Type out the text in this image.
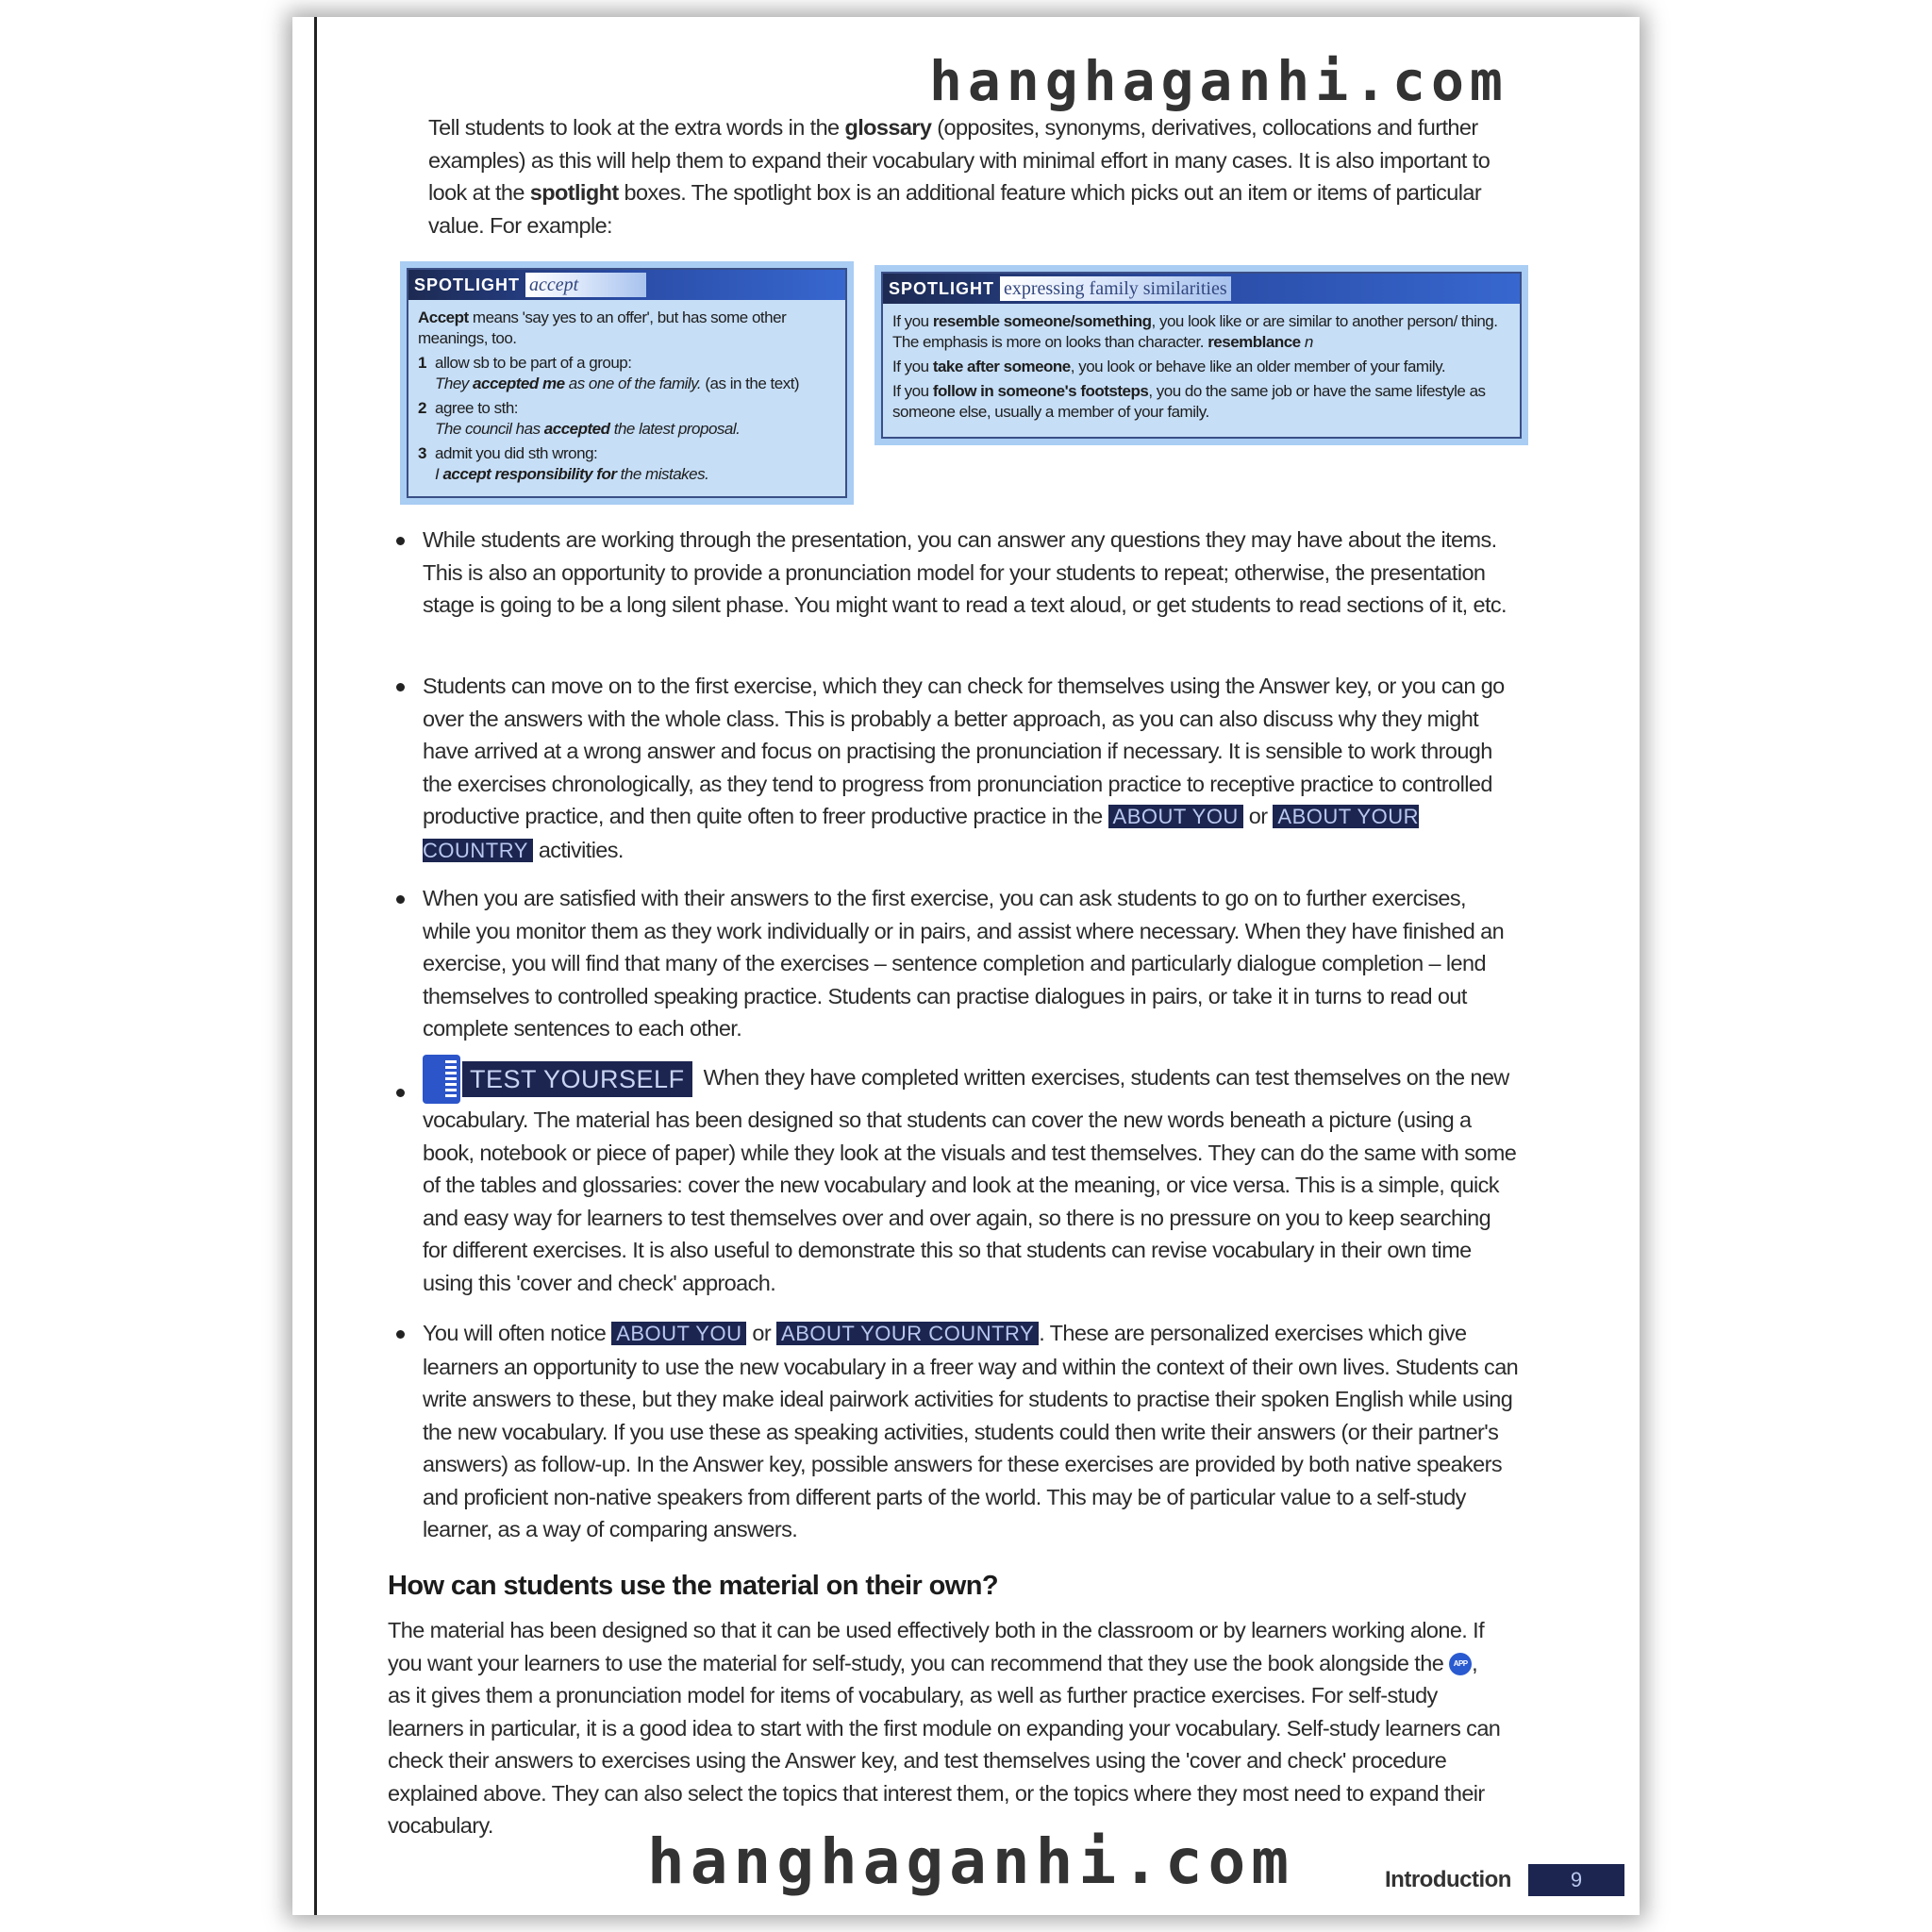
hanghaganhi.com
Tell students to look at the extra words in the glossary (opposites, synonyms, derivatives, collocations and further examples) as this will help them to expand their vocabulary with minimal effort in many cases. It is also important to look at the spotlight boxes. The spotlight box is an additional feature which picks out an item or items of particular value. For example:
SPOTLIGHT accept

Accept means 'say yes to an offer', but has some other meanings, too.

1 allow sb to be part of a group:
They accepted me as one of the family. (as in the text)

2 agree to sth:
The council has accepted the latest proposal.

3 admit you did sth wrong:
I accept responsibility for the mistakes.

SPOTLIGHT expressing family similarities

If you resemble someone/something, you look like or are similar to another person/ thing. The emphasis is more on looks than character. resemblance n

If you take after someone, you look or behave like an older member of your family.

If you follow in someone's footsteps, you do the same job or have the same lifestyle as someone else, usually a member of your family.

While students are working through the presentation, you can answer any questions they may have about the items. This is also an opportunity to provide a pronunciation model for your students to repeat; otherwise, the presentation stage is going to be a long silent phase. You might want to read a text aloud, or get students to read sections of it, etc.
Students can move on to the first exercise, which they can check for themselves using the Answer key, or you can go over the answers with the whole class. This is probably a better approach, as you can also discuss why they might have arrived at a wrong answer and focus on practising the pronunciation if necessary. It is sensible to work through the exercises chronologically, as they tend to progress from pronunciation practice to receptive practice to controlled productive practice, and then quite often to freer productive practice in the ABOUT YOU or ABOUT YOUR COUNTRY activities.
When you are satisfied with their answers to the first exercise, you can ask students to go on to further exercises, while you monitor them as they work individually or in pairs, and assist where necessary. When they have finished an exercise, you will find that many of the exercises – sentence completion and particularly dialogue completion – lend themselves to controlled speaking practice. Students can practise dialogues in pairs, or take it in turns to read out complete sentences to each other.
TEST YOURSELF When they have completed written exercises, students can test themselves on the new vocabulary. The material has been designed so that students can cover the new words beneath a picture (using a book, notebook or piece of paper) while they look at the visuals and test themselves. They can do the same with some of the tables and glossaries: cover the new vocabulary and look at the meaning, or vice versa. This is a simple, quick and easy way for learners to test themselves over and over again, so there is no pressure on you to keep searching for different exercises. It is also useful to demonstrate this so that students can revise vocabulary in their own time using this 'cover and check' approach.
You will often notice ABOUT YOU or ABOUT YOUR COUNTRY . These are personalized exercises which give learners an opportunity to use the new vocabulary in a freer way and within the context of their own lives. Students can write answers to these, but they make ideal pairwork activities for students to practise their spoken English while using the new vocabulary. If you use these as speaking activities, students could then write their answers (or their partner's answers) as follow-up. In the Answer key, possible answers for these exercises are provided by both native speakers and proficient non-native speakers from different parts of the world. This may be of particular value to a self-study learner, as a way of comparing answers.
How can students use the material on their own?
The material has been designed so that it can be used effectively both in the classroom or by learners working alone. If you want your learners to use the material for self-study, you can recommend that they use the book alongside the APP , as it gives them a pronunciation model for items of vocabulary, as well as further practice exercises. For self-study learners in particular, it is a good idea to start with the first module on expanding your vocabulary. Self-study learners can check their answers to exercises using the Answer key, and test themselves using the 'cover and check' procedure explained above. They can also select the topics that interest them, or the topics where they most need to expand their vocabulary.	hanghaganhi.com	Introduction	9
